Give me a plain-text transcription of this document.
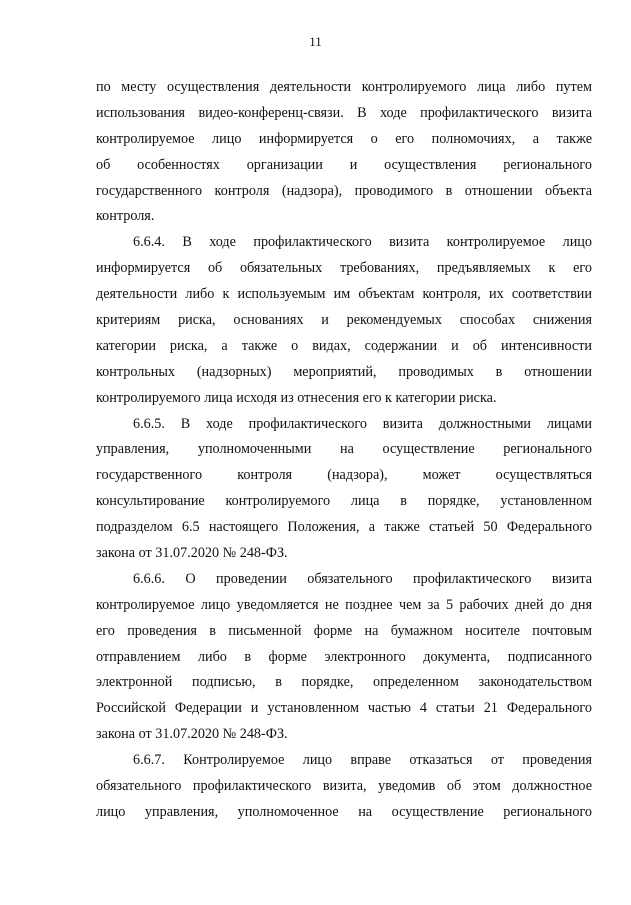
11
по месту осуществления деятельности контролируемого лица либо путем
использования видео-конференц-связи. В ходе профилактического визита
контролируемое лицо информируется о его полномочиях, а также
об особенностях организации и осуществления регионального
государственного контроля (надзора), проводимого в отношении объекта
контроля.
6.6.4. В ходе профилактического визита контролируемое лицо
информируется об обязательных требованиях, предъявляемых к его
деятельности либо к используемым им объектам контроля, их соответствии
критериям риска, основаниях и рекомендуемых способах снижения
категории риска, а также о видах, содержании и об интенсивности
контрольных (надзорных) мероприятий, проводимых в отношении
контролируемого лица исходя из отнесения его к категории риска.
6.6.5. В ходе профилактического визита должностными лицами
управления, уполномоченными на осуществление регионального
государственного контроля (надзора), может осуществляться
консультирование контролируемого лица в порядке, установленном
подразделом 6.5 настоящего Положения, а также статьей 50 Федерального
закона от 31.07.2020 № 248-ФЗ.
6.6.6. О проведении обязательного профилактического визита
контролируемое лицо уведомляется не позднее чем за 5 рабочих дней до дня
его проведения в письменной форме на бумажном носителе почтовым
отправлением либо в форме электронного документа, подписанного
электронной подписью, в порядке, определенном законодательством
Российской Федерации и установленном частью 4 статьи 21 Федерального
закона от 31.07.2020 № 248-ФЗ.
6.6.7. Контролируемое лицо вправе отказаться от проведения
обязательного профилактического визита, уведомив об этом должностное
лицо управления, уполномоченное на осуществление регионального
